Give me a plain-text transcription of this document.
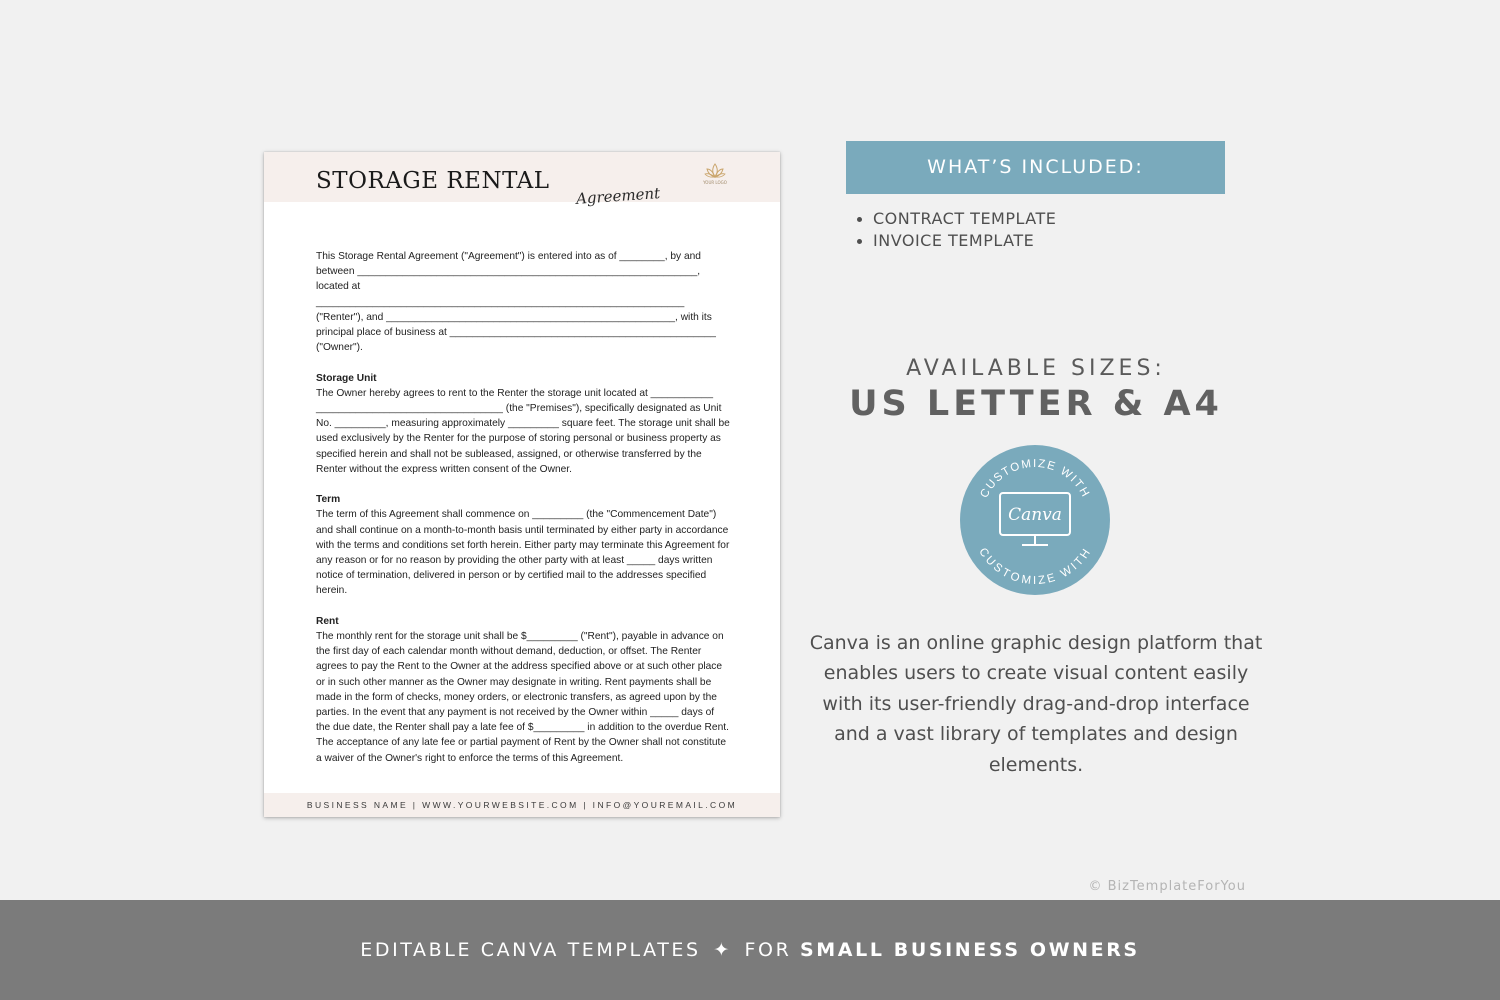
STORAGE RENTAL
Agreement
YOUR LOGO

This Storage Rental Agreement ("Agreement") is entered into as of ________, by and between ____________________________________________________________, located at _________________________________________________________________ ("Renter"), and ___________________________________________________, with its principal place of business at _______________________________________________ ("Owner").

Storage Unit
The Owner hereby agrees to rent to the Renter the storage unit located at ___________ _________________________________ (the "Premises"), specifically designated as Unit No. _________, measuring approximately _________ square feet. The storage unit shall be used exclusively by the Renter for the purpose of storing personal or business property as specified herein and shall not be subleased, assigned, or otherwise transferred by the Renter without the express written consent of the Owner.

Term
The term of this Agreement shall commence on _________ (the "Commencement Date") and shall continue on a month-to-month basis until terminated by either party in accordance with the terms and conditions set forth herein. Either party may terminate this Agreement for any reason or for no reason by providing the other party with at least _____ days written notice of termination, delivered in person or by certified mail to the addresses specified herein.

Rent
The monthly rent for the storage unit shall be $_________ ("Rent"), payable in advance on the first day of each calendar month without demand, deduction, or offset. The Renter agrees to pay the Rent to the Owner at the address specified above or at such other place or in such other manner as the Owner may designate in writing. Rent payments shall be made in the form of checks, money orders, or electronic transfers, as agreed upon by the parties. In the event that any payment is not received by the Owner within _____ days of the due date, the Renter shall pay a late fee of $_________ in addition to the overdue Rent. The acceptance of any late fee or partial payment of Rent by the Owner shall not constitute a waiver of the Owner's right to enforce the terms of this Agreement.

BUSINESS NAME | WWW.YOURWEBSITE.COM | INFO@YOUREMAIL.COM
WHAT’S INCLUDED:
CONTRACT TEMPLATE
INVOICE TEMPLATE
AVAILABLE SIZES:
US LETTER & A4
CUSTOMIZE WITH
CUSTOMIZE WITH
Canva
Canva is an online graphic design platform that enables users to create visual content easily with its user-friendly drag-and-drop interface and a vast library of templates and design elements.
© BizTemplateForYou
EDITABLE CANVA TEMPLATES ✦ FOR SMALL BUSINESS OWNERS
